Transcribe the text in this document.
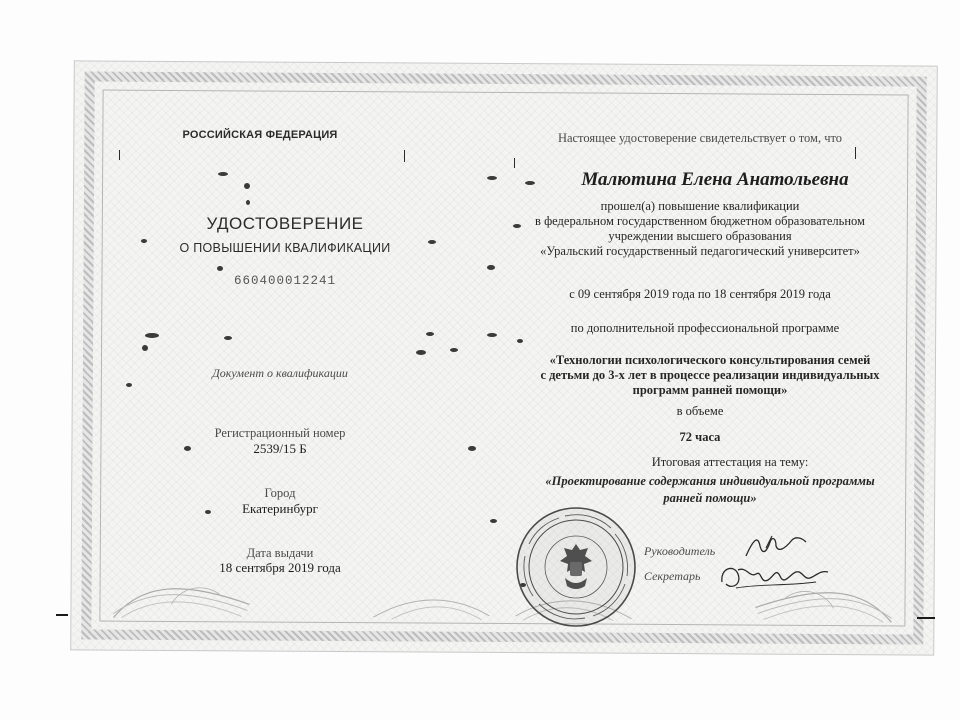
РОССИЙСКАЯ ФЕДЕРАЦИЯ
УДОСТОВЕРЕНИЕ
О ПОВЫШЕНИИ КВАЛИФИКАЦИИ
660400012241
Документ о квалификации
Регистрационный номер
2539/15 Б
Город
Екатеринбург
Дата выдачи
18 сентября 2019 года
Настоящее удостоверение свидетельствует о том, что
Малютина Елена Анатольевна
прошел(а) повышение квалификации
в федеральном государственном бюджетном образовательном
учреждении высшего образования
«Уральский государственный педагогический университет»
с 09 сентября 2019 года по 18 сентября 2019 года
по дополнительной профессиональной программе
«Технологии психологического консультирования семей
с детьми до 3-х лет в процессе реализации индивидуальных
программ ранней помощи»
в объеме
72 часа
Итоговая аттестация на тему:
«Проектирование содержания индивидуальной программы
ранней помощи»
Руководитель
Секретарь
